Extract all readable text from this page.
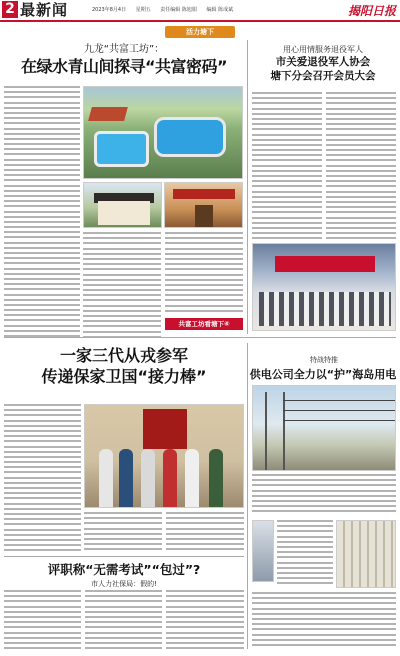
2 最新闻	2023年8月4日 星期五 责任编辑 陈旭娟 编辑 陈成斌	揭阳日报
活力塘下
九龙“共富工坊”：
在绿水青山间探寻“共富密码”
共富工坊看塘下④
用心用情服务退役军人
市关爱退役军人协会
塘下分会召开会员大会
一家三代从戎参军
传递保家卫国“接力棒”
特战特推
供电公司全力以“护”海岛用电
评职称“无需考试”“包过”?
市人力社保局：假的!
